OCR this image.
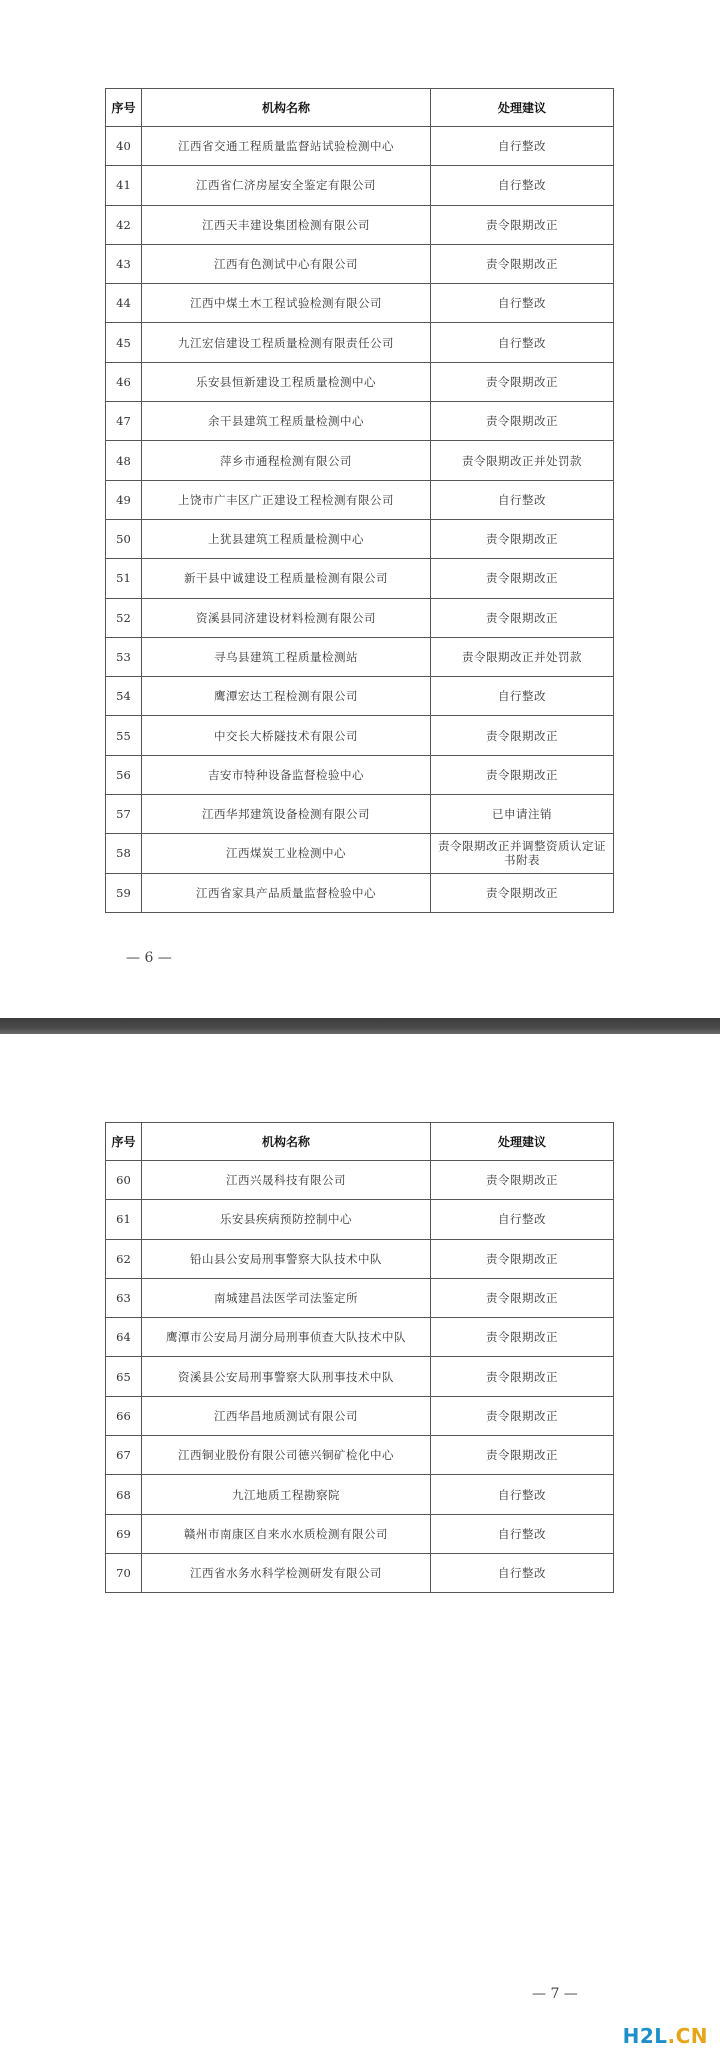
序号	机构名称	处理建议
40	江西省交通工程质量监督站试验检测中心	自行整改
41	江西省仁济房屋安全鉴定有限公司	自行整改
42	江西天丰建设集团检测有限公司	责令限期改正
43	江西有色测试中心有限公司	责令限期改正
44	江西中煤土木工程试验检测有限公司	自行整改
45	九江宏信建设工程质量检测有限责任公司	自行整改
46	乐安县恒新建设工程质量检测中心	责令限期改正
47	余干县建筑工程质量检测中心	责令限期改正
48	萍乡市通程检测有限公司	责令限期改正并处罚款
49	上饶市广丰区广正建设工程检测有限公司	自行整改
50	上犹县建筑工程质量检测中心	责令限期改正
51	新干县中诚建设工程质量检测有限公司	责令限期改正
52	资溪县同济建设材料检测有限公司	责令限期改正
53	寻乌县建筑工程质量检测站	责令限期改正并处罚款
54	鹰潭宏达工程检测有限公司	自行整改
55	中交长大桥隧技术有限公司	责令限期改正
56	吉安市特种设备监督检验中心	责令限期改正
57	江西华邦建筑设备检测有限公司	已申请注销
58	江西煤炭工业检测中心	责令限期改正并调整资质认定证书附表
59	江西省家具产品质量监督检验中心	责令限期改正
— 6 —
序号	机构名称	处理建议
60	江西兴晟科技有限公司	责令限期改正
61	乐安县疾病预防控制中心	自行整改
62	铅山县公安局刑事警察大队技术中队	责令限期改正
63	南城建昌法医学司法鉴定所	责令限期改正
64	鹰潭市公安局月湖分局刑事侦查大队技术中队	责令限期改正
65	资溪县公安局刑事警察大队刑事技术中队	责令限期改正
66	江西华昌地质测试有限公司	责令限期改正
67	江西铜业股份有限公司德兴铜矿检化中心	责令限期改正
68	九江地质工程勘察院	自行整改
69	赣州市南康区自来水水质检测有限公司	自行整改
70	江西省水务水科学检测研发有限公司	自行整改
— 7 —
H2L.CN
